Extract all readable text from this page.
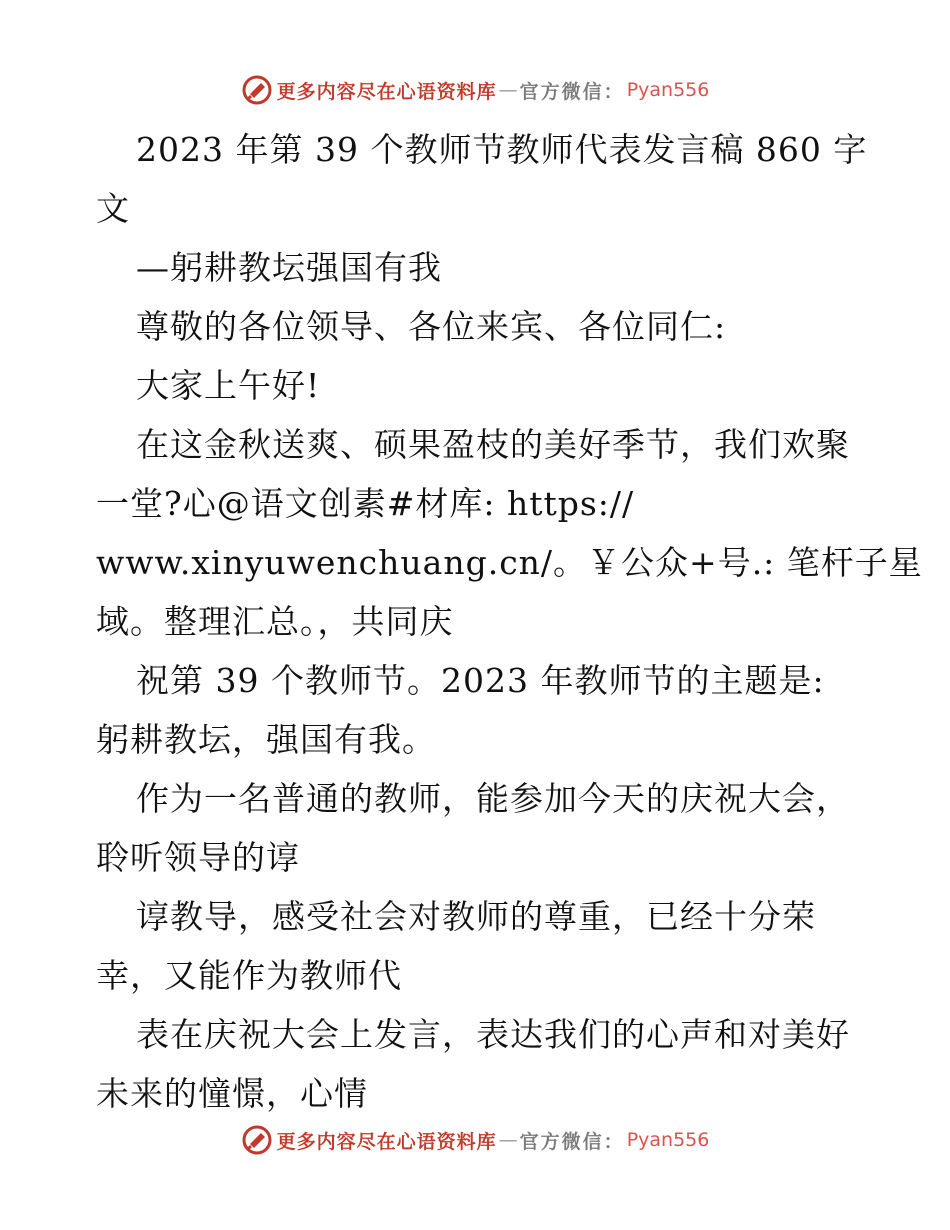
更多内容尽在心语资料库 — 官方微信： Pyan556
2023 年第 39 个教师节教师代表发言稿 860 字
文
—躬耕教坛强国有我
尊敬的各位领导、各位来宾、各位同仁:
大家上午好!
在这金秋送爽、硕果盈枝的美好季节，我们欢聚
一堂?心@语文创素#材库: https://
www.xinyuwenchuang.cn/。￥公众+号.: 笔杆子星
域。整理汇总。，共同庆
祝第 39 个教师节。2023 年教师节的主题是:
躬耕教坛，强国有我。
作为一名普通的教师，能参加今天的庆祝大会，
聆听领导的谆
谆教导，感受社会对教师的尊重，已经十分荣
幸，又能作为教师代
表在庆祝大会上发言，表达我们的心声和对美好
未来的憧憬，心情
更多内容尽在心语资料库 — 官方微信： Pyan556
